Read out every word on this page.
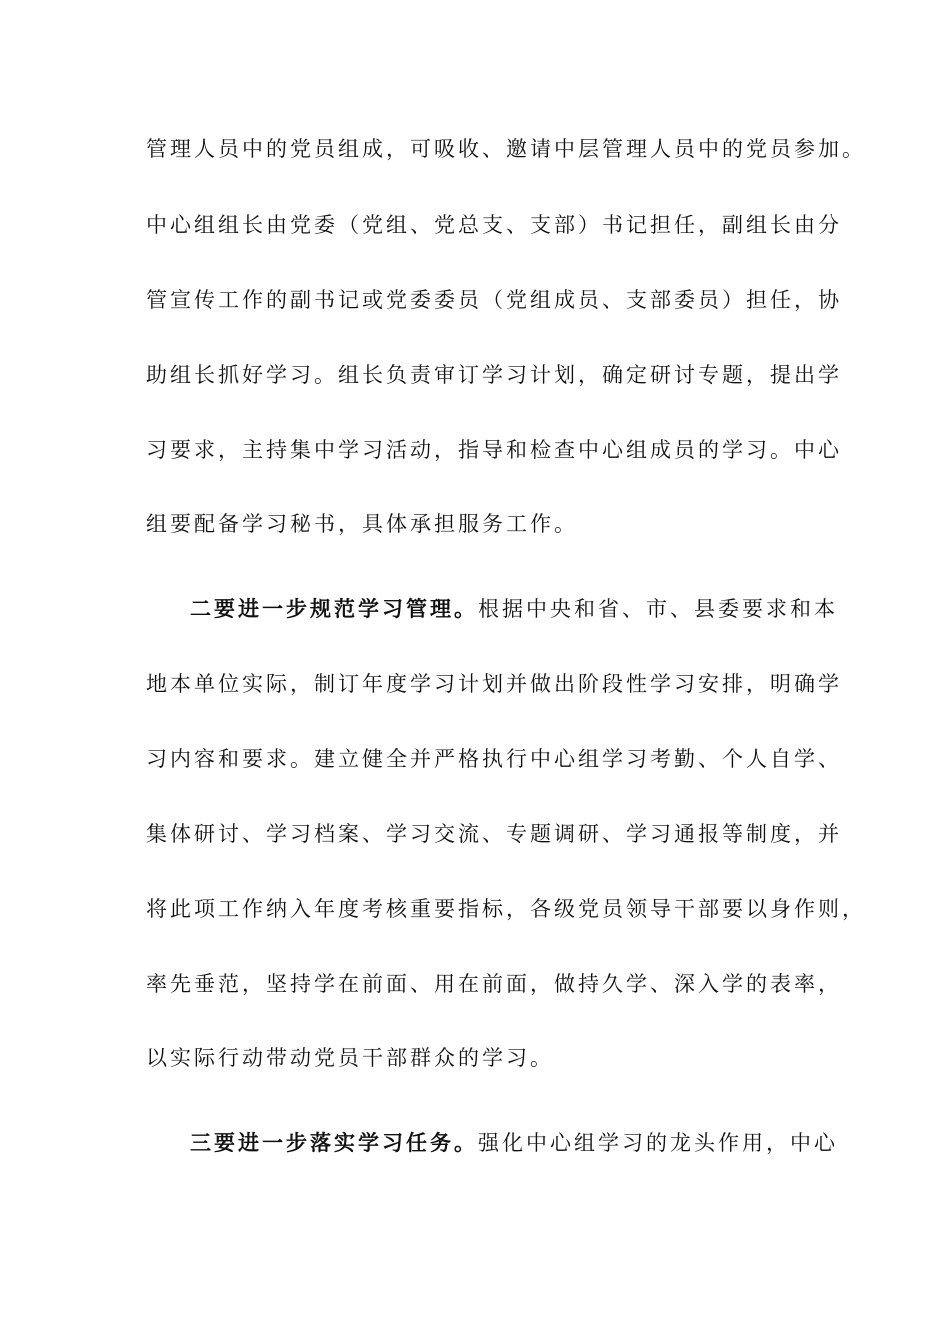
管理人员中的党员组成，可吸收、邀请中层管理人员中的党员参加。
中心组组长由党委（党组、党总支、支部）书记担任，副组长由分
管宣传工作的副书记或党委委员（党组成员、支部委员）担任，协
助组长抓好学习。组长负责审订学习计划，确定研讨专题，提出学
习要求，主持集中学习活动，指导和检查中心组成员的学习。中心
组要配备学习秘书，具体承担服务工作。
二要进一步规范学习管理。根据中央和省、市、县委要求和本
地本单位实际，制订年度学习计划并做出阶段性学习安排，明确学
习内容和要求。建立健全并严格执行中心组学习考勤、个人自学、
集体研讨、学习档案、学习交流、专题调研、学习通报等制度，并
将此项工作纳入年度考核重要指标，各级党员领导干部要以身作则，
率先垂范，坚持学在前面、用在前面，做持久学、深入学的表率，
以实际行动带动党员干部群众的学习。
三要进一步落实学习任务。强化中心组学习的龙头作用，中心
